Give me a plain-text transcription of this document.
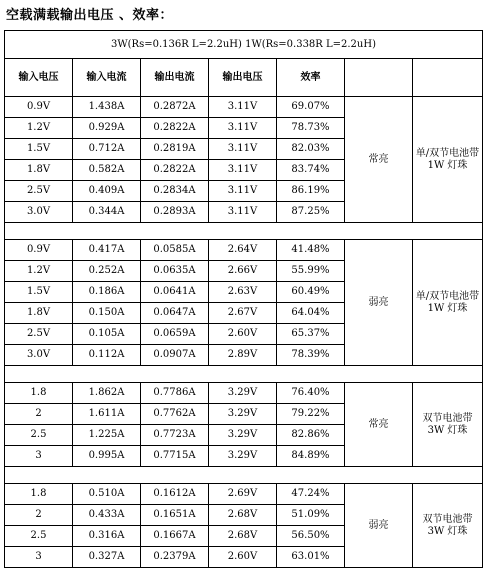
空载满载输出电压 、效率：
3W(Rs=0.136R L=2.2uH) 1W(Rs=0.338R L=2.2uH)						
输入电压	输入电流	输出电流	输出电压	效率		
0.9V	1.438A	0.2872A	3.11V	69.07%	常亮	单/双节电池带 1W 灯珠
1.2V	0.929A	0.2822A	3.11V	78.73%		
1.5V	0.712A	0.2819A	3.11V	82.03%		
1.8V	0.582A	0.2822A	3.11V	83.74%		
2.5V	0.409A	0.2834A	3.11V	86.19%		
3.0V	0.344A	0.2893A	3.11V	87.25%		

0.9V	0.417A	0.0585A	2.64V	41.48%	弱亮	单/双节电池带 1W 灯珠
1.2V	0.252A	0.0635A	2.66V	55.99%		
1.5V	0.186A	0.0641A	2.63V	60.49%		
1.8V	0.150A	0.0647A	2.67V	64.04%		
2.5V	0.105A	0.0659A	2.60V	65.37%		
3.0V	0.112A	0.0907A	2.89V	78.39%		

1.8	1.862A	0.7786A	3.29V	76.40%	常亮	双节电池带 3W 灯珠
2	1.611A	0.7762A	3.29V	79.22%		
2.5	1.225A	0.7723A	3.29V	82.86%		
3	0.995A	0.7715A	3.29V	84.89%		

1.8	0.510A	0.1612A	2.69V	47.24%	弱亮	双节电池带 3W 灯珠
2	0.433A	0.1651A	2.68V	51.09%		
2.5	0.316A	0.1667A	2.68V	56.50%		
3	0.327A	0.2379A	2.60V	63.01%		
